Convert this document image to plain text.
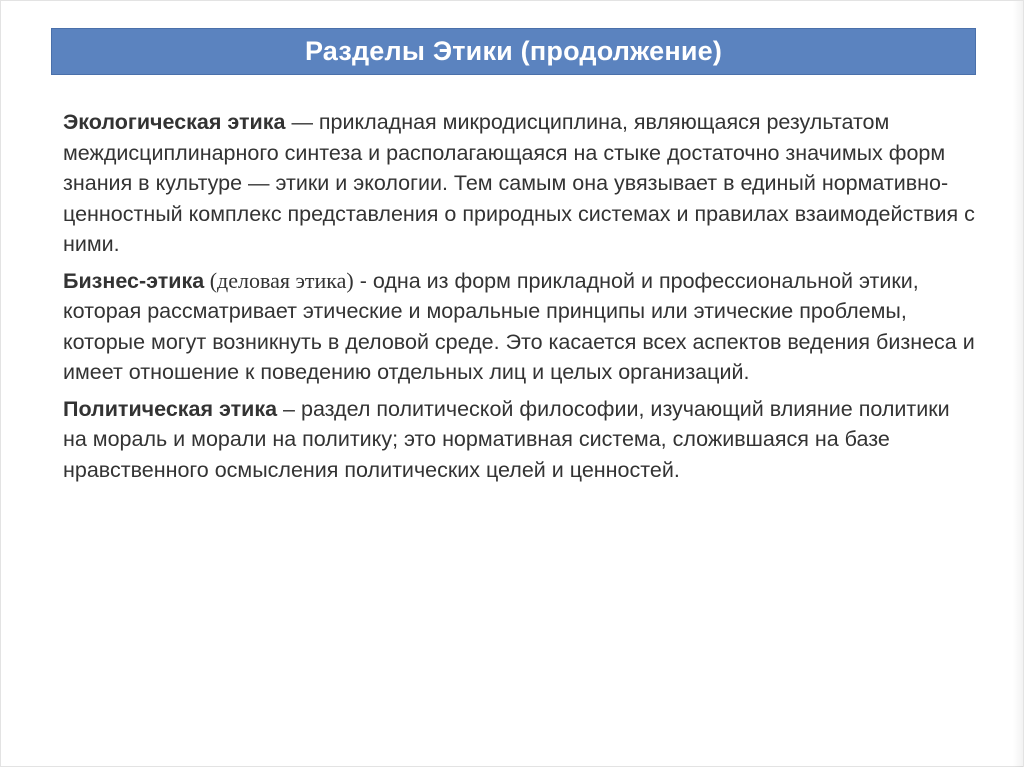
Разделы Этики (продолжение)

Экологическая этика — прикладная микродисциплина, являющаяся результатом междисциплинарного синтеза и располагающаяся на стыке достаточно значимых форм знания в культуре — этики и экологии. Тем самым она увязывает в единый нормативно-ценностный комплекс представления о природных системах и правилах взаимодействия с ними.

Бизнес-этика (деловая этика) - одна из форм прикладной и профессиональной этики, которая рассматривает этические и моральные принципы или этические проблемы, которые могут возникнуть в деловой среде. Это касается всех аспектов ведения бизнеса и имеет отношение к поведению отдельных лиц и целых организаций.

Политическая этика – раздел политической философии, изучающий влияние политики на мораль и морали на политику; это нормативная система, сложившаяся на базе нравственного осмысления политических целей и ценностей.
